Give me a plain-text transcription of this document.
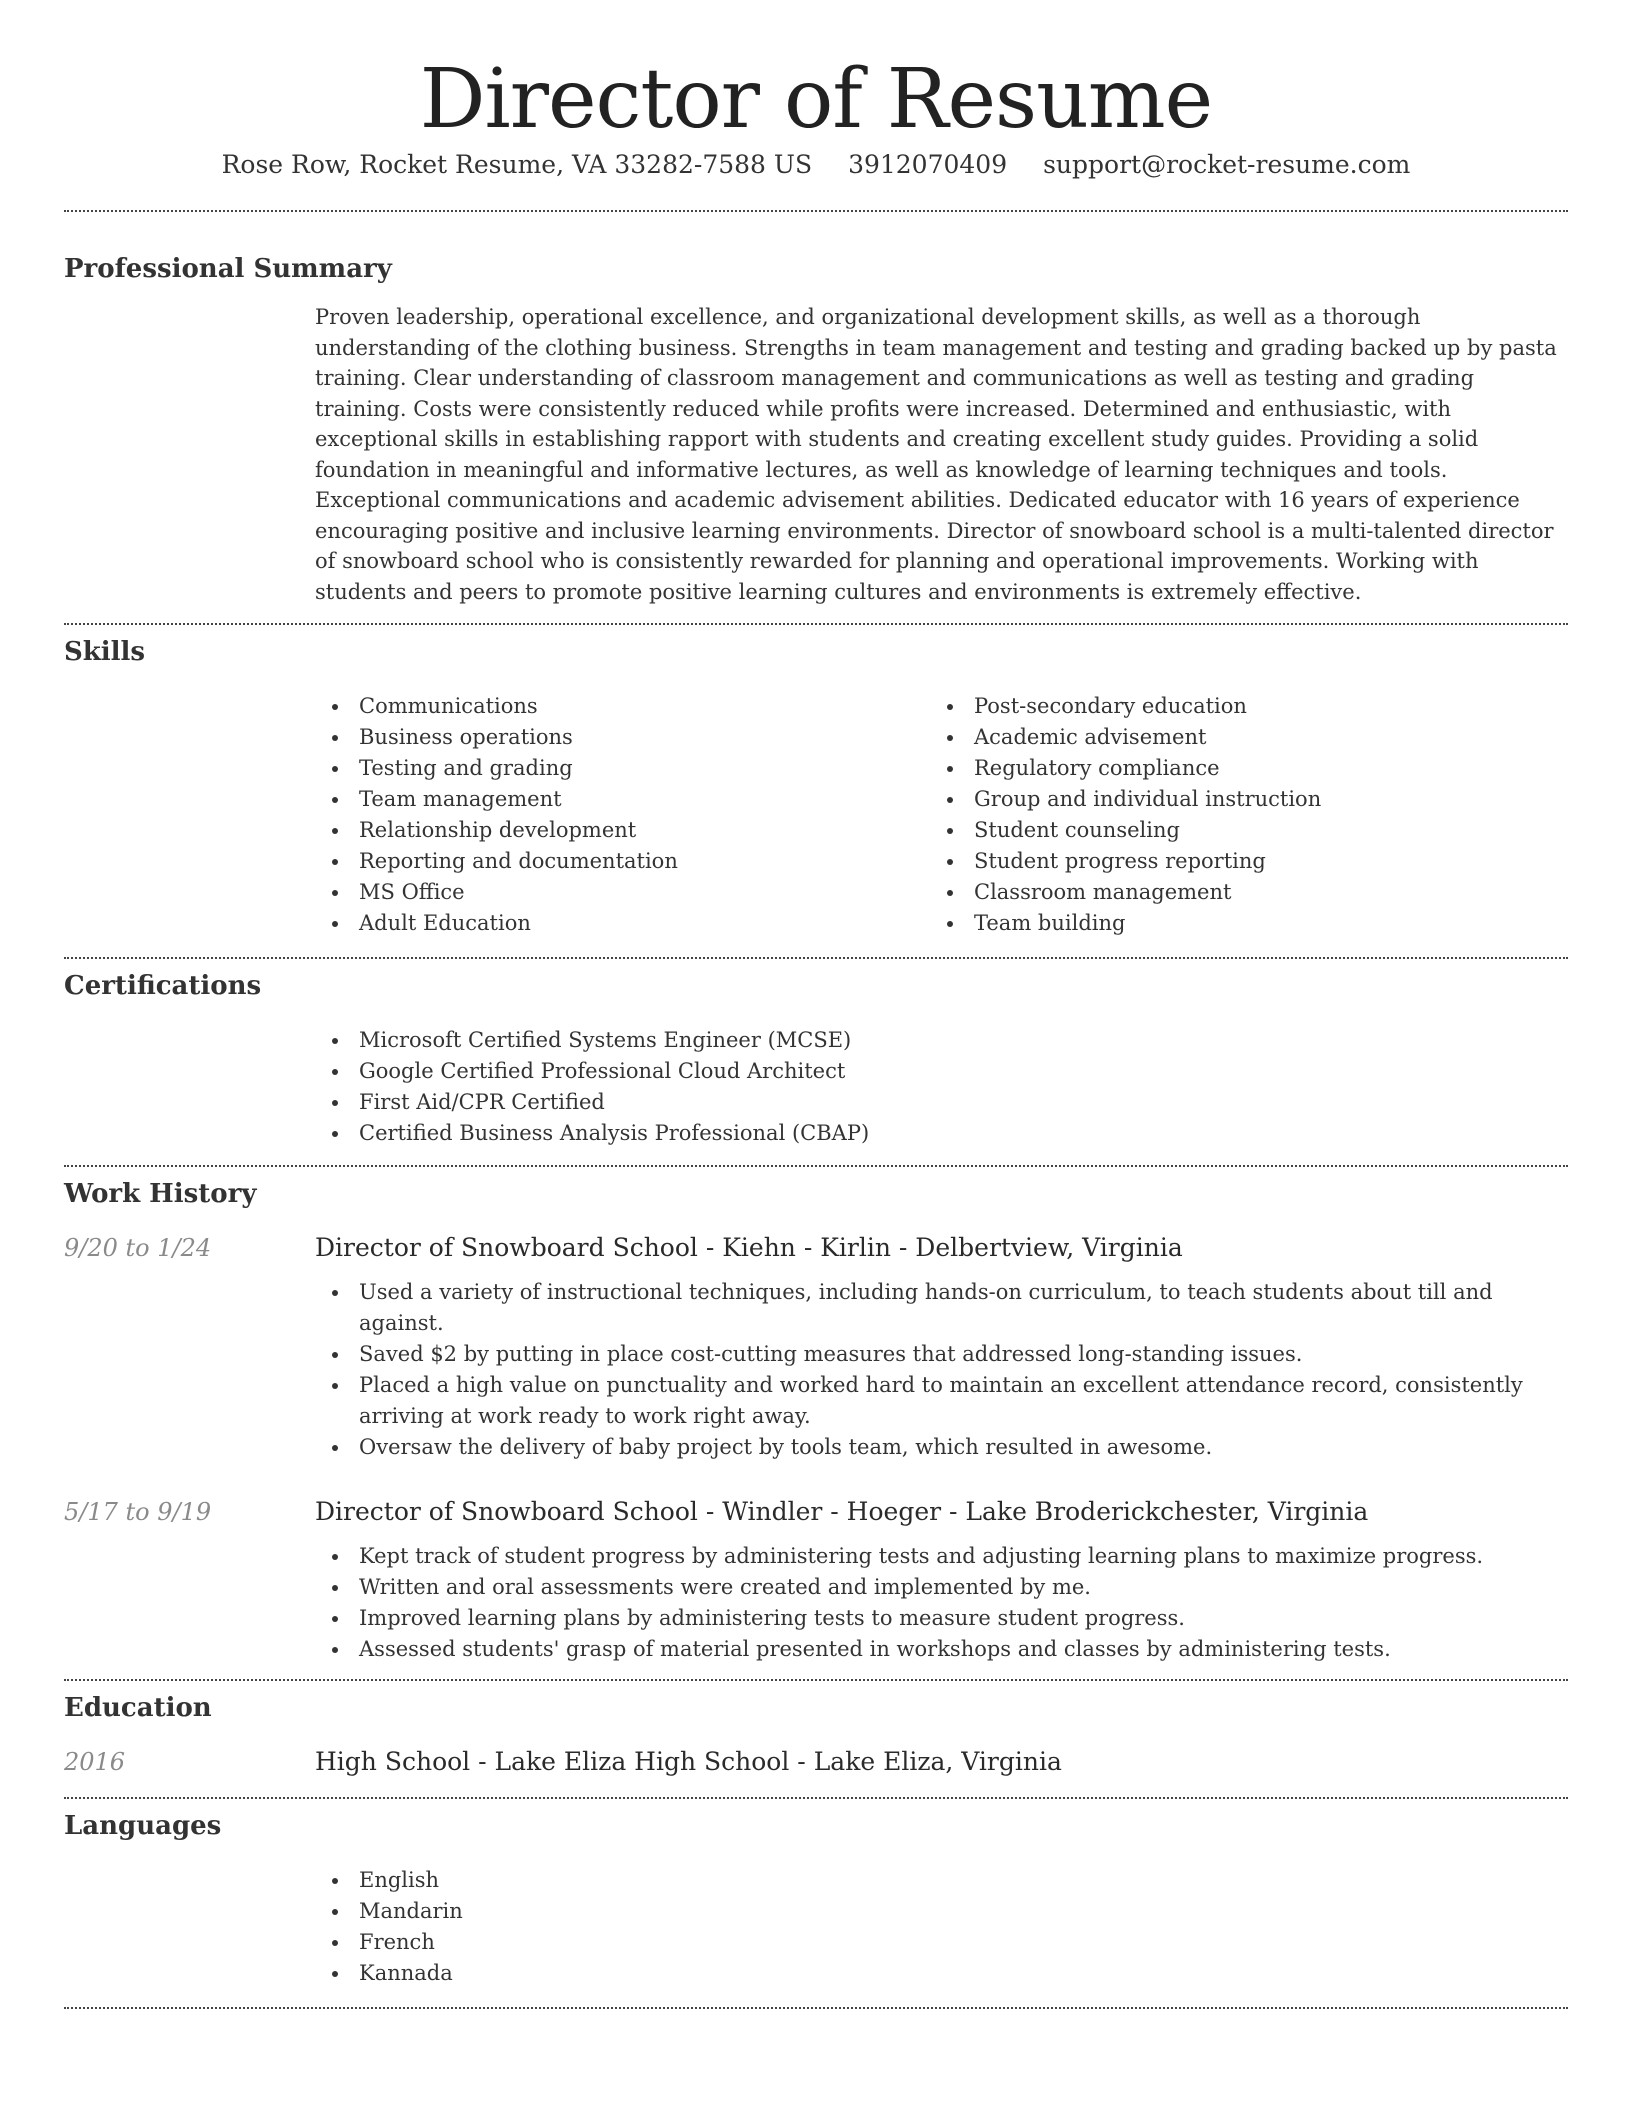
Director of Resume
Rose Row, Rocket Resume, VA 33282-7588 US 3912070409 support@rocket-resume.com
Professional Summary

Proven leadership, operational excellence, and organizational development skills, as well as a thorough understanding of the clothing business. Strengths in team management and testing and grading backed up by pasta training. Clear understanding of classroom management and communications as well as testing and grading training. Costs were consistently reduced while profits were increased. Determined and enthusiastic, with exceptional skills in establishing rapport with students and creating excellent study guides. Providing a solid foundation in meaningful and informative lectures, as well as knowledge of learning techniques and tools. Exceptional communications and academic advisement abilities. Dedicated educator with 16 years of experience encouraging positive and inclusive learning environments. Director of snowboard school is a multi-talented director of snowboard school who is consistently rewarded for planning and operational improvements. Working with students and peers to promote positive learning cultures and environments is extremely effective.

Skills
Communications
Business operations
Testing and grading
Team management
Relationship development
Reporting and documentation
MS Office
Adult Education
Post-secondary education
Academic advisement
Regulatory compliance
Group and individual instruction
Student counseling
Student progress reporting
Classroom management
Team building
Certifications
Microsoft Certified Systems Engineer (MCSE)
Google Certified Professional Cloud Architect
First Aid/CPR Certified
Certified Business Analysis Professional (CBAP)
Work History
9/20 to 1/24	Director of Snowboard School - Kiehn - Kirlin - Delbertview, Virginia
Used a variety of instructional techniques, including hands-on curriculum, to teach students about till and against.
Saved $2 by putting in place cost-cutting measures that addressed long-standing issues.
Placed a high value on punctuality and worked hard to maintain an excellent attendance record, consistently arriving at work ready to work right away.
Oversaw the delivery of baby project by tools team, which resulted in awesome.
5/17 to 9/19	Director of Snowboard School - Windler - Hoeger - Lake Broderickchester, Virginia
Kept track of student progress by administering tests and adjusting learning plans to maximize progress.
Written and oral assessments were created and implemented by me.
Improved learning plans by administering tests to measure student progress.
Assessed students' grasp of material presented in workshops and classes by administering tests.
Education
2016	High School - Lake Eliza High School - Lake Eliza, Virginia
Languages
English
Mandarin
French
Kannada
